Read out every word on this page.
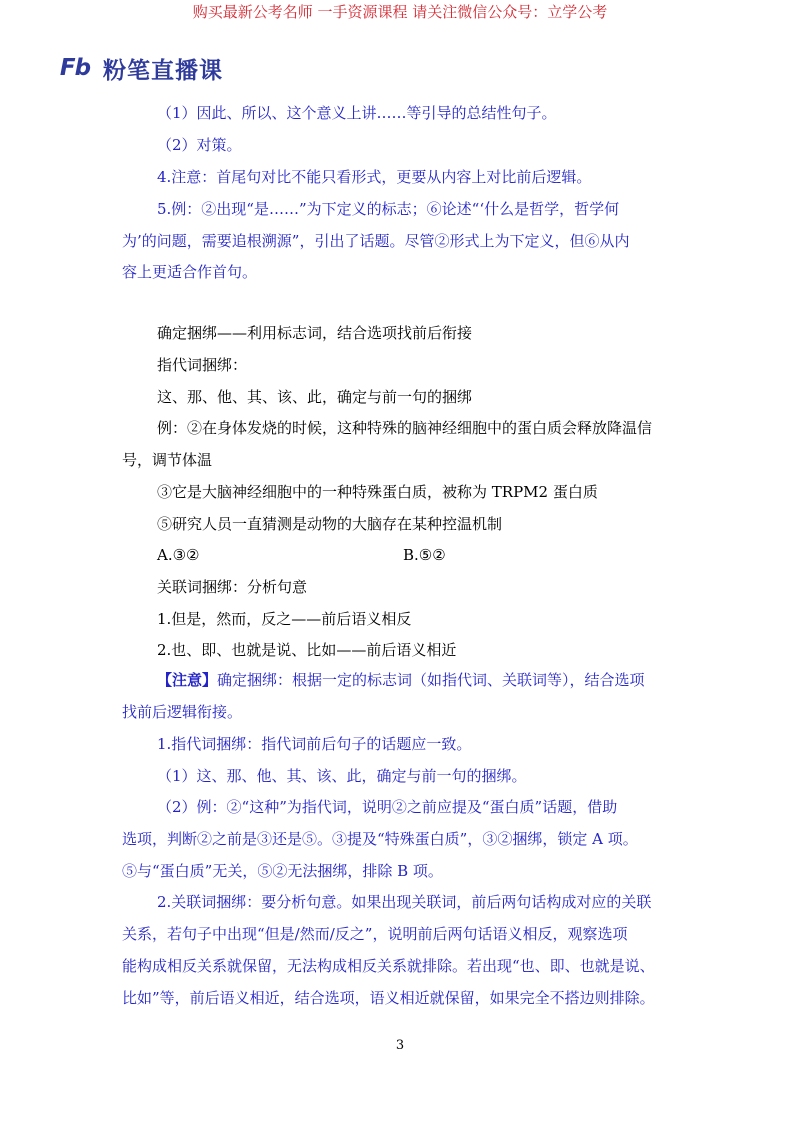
购买最新公考名师 一手资源课程 请关注微信公众号：立学公考
Fb 粉笔直播课
（1）因此、所以、这个意义上讲……等引导的总结性句子。
（2）对策。
4.注意：首尾句对比不能只看形式，更要从内容上对比前后逻辑。
5.例：②出现“是……”为下定义的标志；⑥论述“‘什么是哲学，哲学何
为’的问题，需要追根溯源”，引出了话题。尽管②形式上为下定义，但⑥从内
容上更适合作首句。
确定捆绑——利用标志词，结合选项找前后衔接
指代词捆绑：
这、那、他、其、该、此，确定与前一句的捆绑
例：②在身体发烧的时候，这种特殊的脑神经细胞中的蛋白质会释放降温信
号，调节体温
③它是大脑神经细胞中的一种特殊蛋白质，被称为 TRPM2 蛋白质
⑤研究人员一直猜测是动物的大脑存在某种控温机制
A.③②	B.⑤②
关联词捆绑：分析句意
1.但是，然而，反之——前后语义相反
2.也、即、也就是说、比如——前后语义相近
【注意】确定捆绑：根据一定的标志词（如指代词、关联词等），结合选项
找前后逻辑衔接。
1.指代词捆绑：指代词前后句子的话题应一致。
（1）这、那、他、其、该、此，确定与前一句的捆绑。
（2）例：②“这种”为指代词，说明②之前应提及“蛋白质”话题，借助
选项，判断②之前是③还是⑤。③提及“特殊蛋白质”，③②捆绑，锁定 A 项。
⑤与“蛋白质”无关，⑤②无法捆绑，排除 B 项。
2.关联词捆绑：要分析句意。如果出现关联词，前后两句话构成对应的关联
关系，若句子中出现“但是/然而/反之”，说明前后两句话语义相反，观察选项
能构成相反关系就保留，无法构成相反关系就排除。若出现“也、即、也就是说、
比如”等，前后语义相近，结合选项，语义相近就保留，如果完全不搭边则排除。
3
